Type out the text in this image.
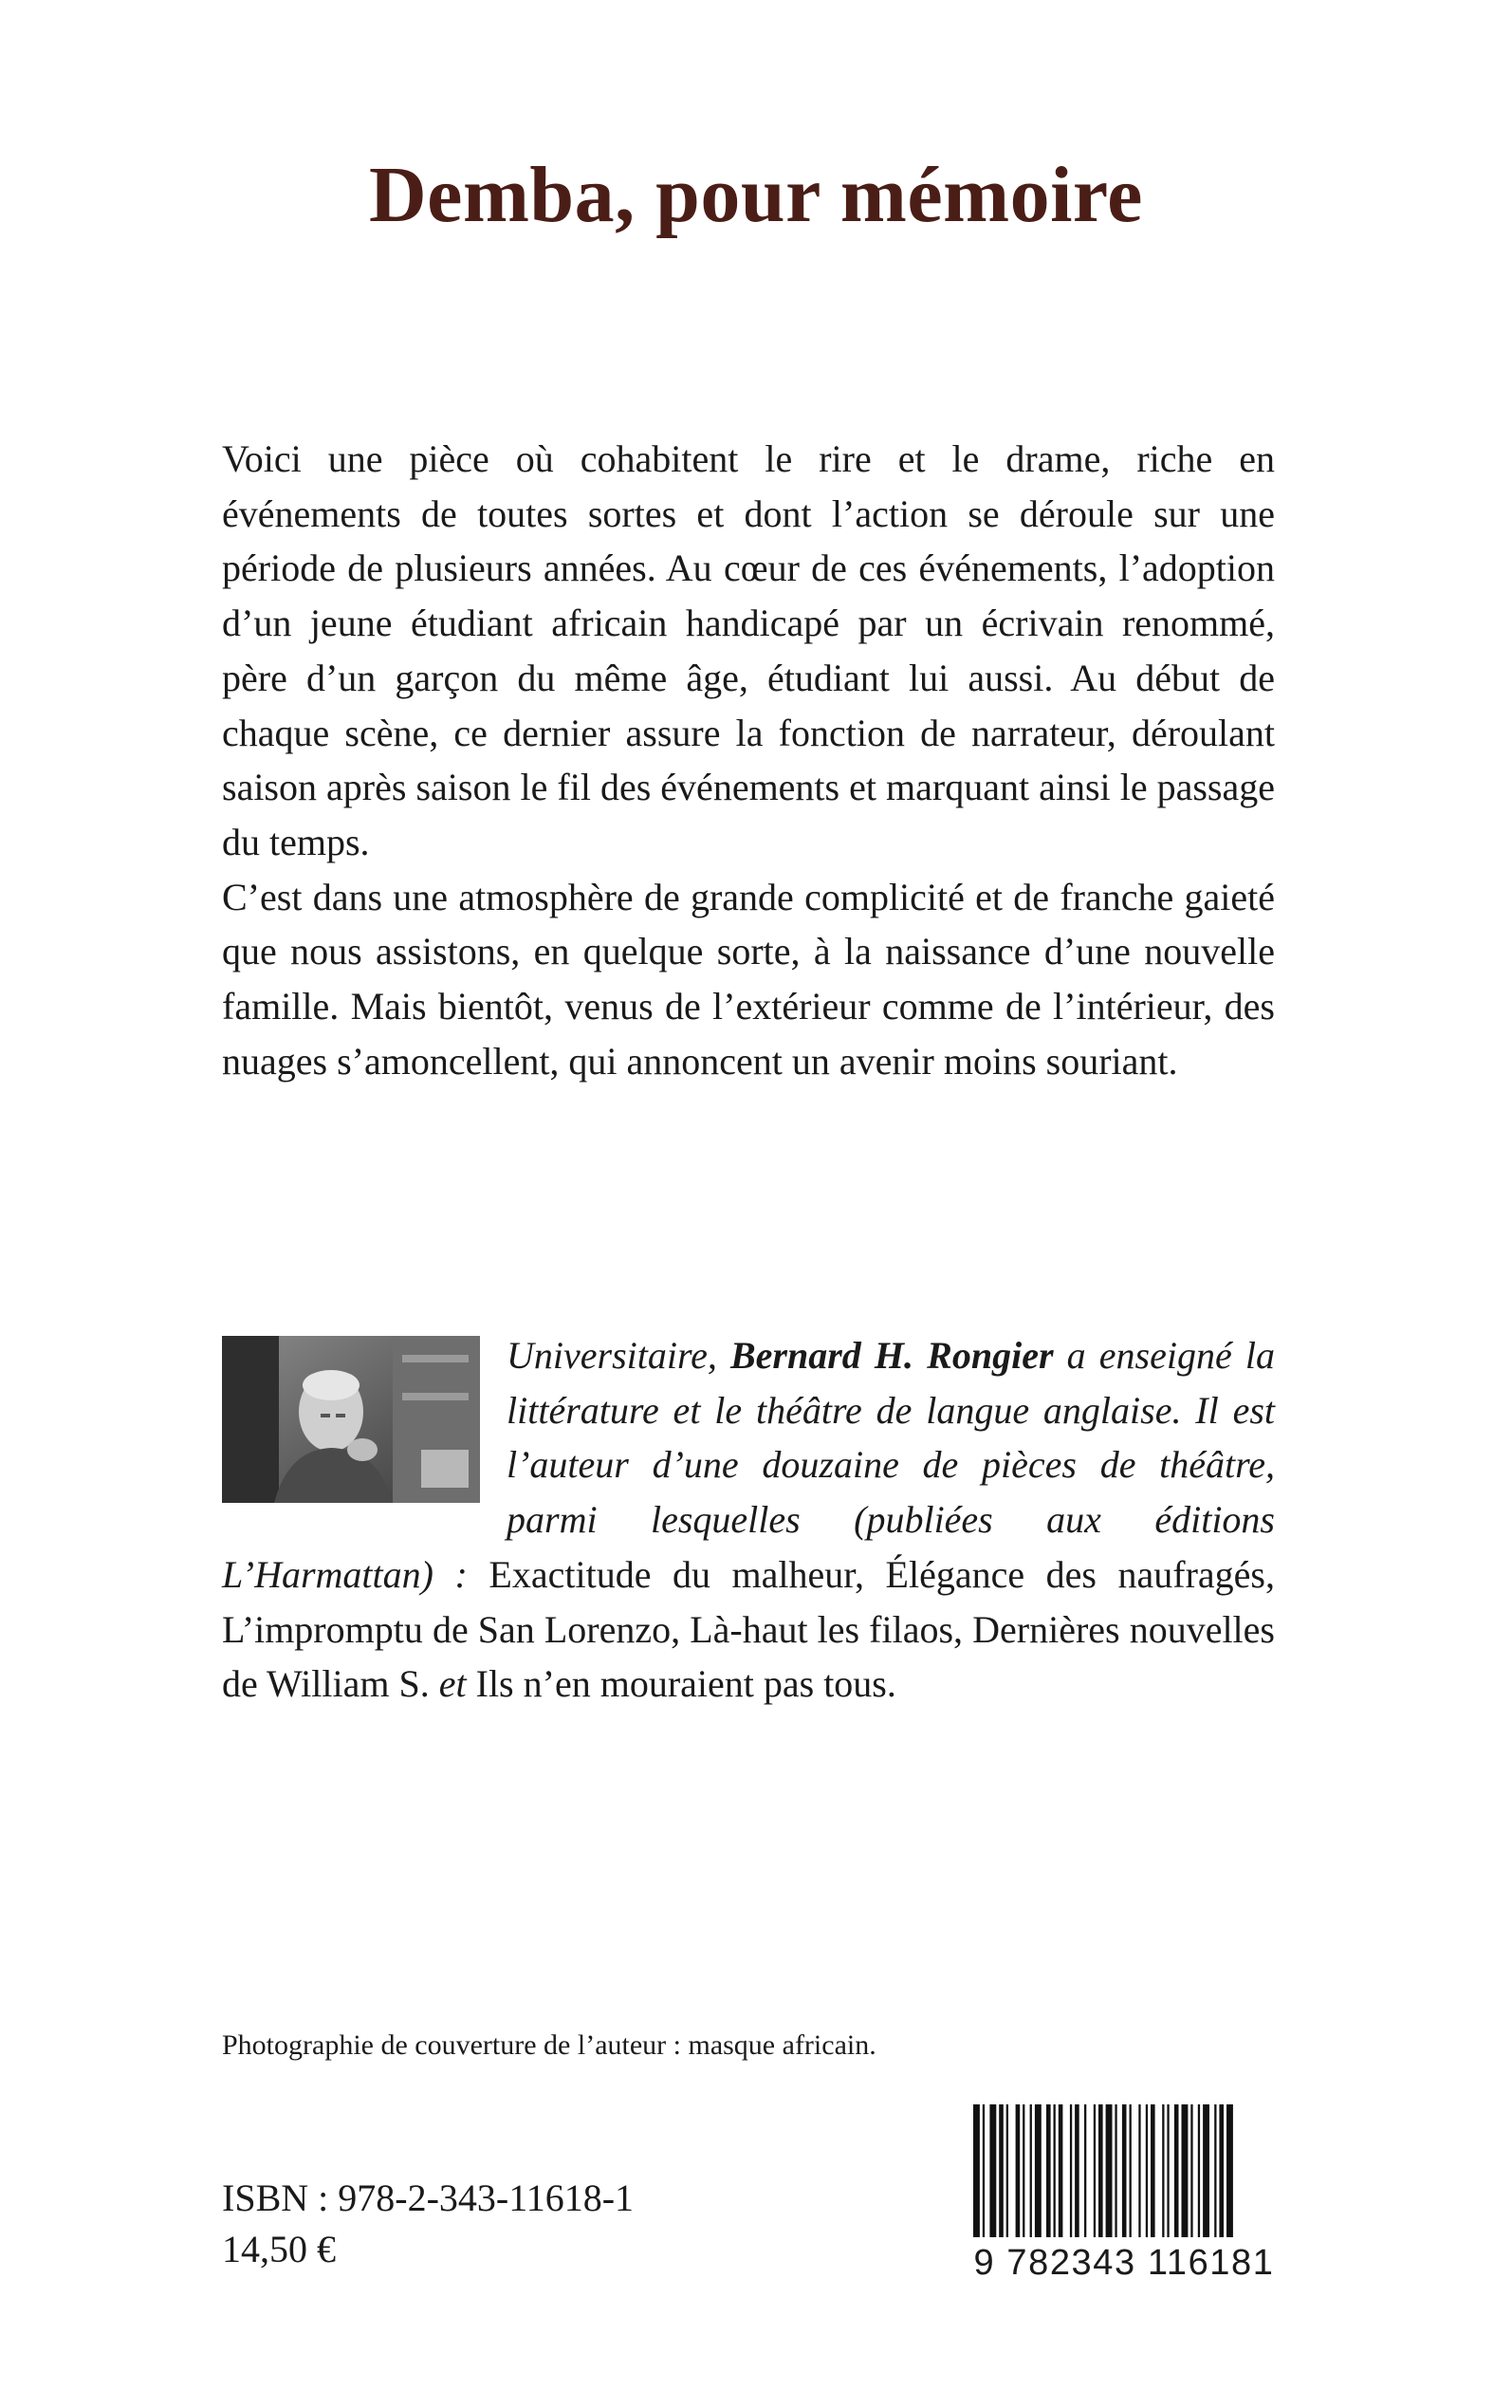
Demba, pour mémoire

Voici une pièce où cohabitent le rire et le drame, riche en événements de toutes sortes et dont l’action se déroule sur une période de plusieurs années. Au cœur de ces événements, l’adoption d’un jeune étudiant africain handicapé par un écrivain renommé, père d’un garçon du même âge, étudiant lui aussi. Au début de chaque scène, ce dernier assure la fonction de narrateur, déroulant saison après saison le fil des événements et marquant ainsi le passage du temps.

C’est dans une atmosphère de grande complicité et de franche gaieté que nous assistons, en quelque sorte, à la naissance d’une nouvelle famille. Mais bientôt, venus de l’extérieur comme de l’intérieur, des nuages s’amoncellent, qui annoncent un avenir moins souriant.

Universitaire, Bernard H. Rongier a enseigné la littérature et le théâtre de langue anglaise. Il est l’auteur d’une douzaine de pièces de théâtre, parmi lesquelles (publiées aux éditions L’Harmattan) : Exactitude du malheur, Élégance des naufragés, L’impromptu de San Lorenzo, Là-haut les filaos, Dernières nouvelles de William S. et Ils n’en mouraient pas tous.

Photographie de couverture de l’auteur : masque africain.

ISBN : 978-2-343-11618-1
14,50 €	9 782343 116181
